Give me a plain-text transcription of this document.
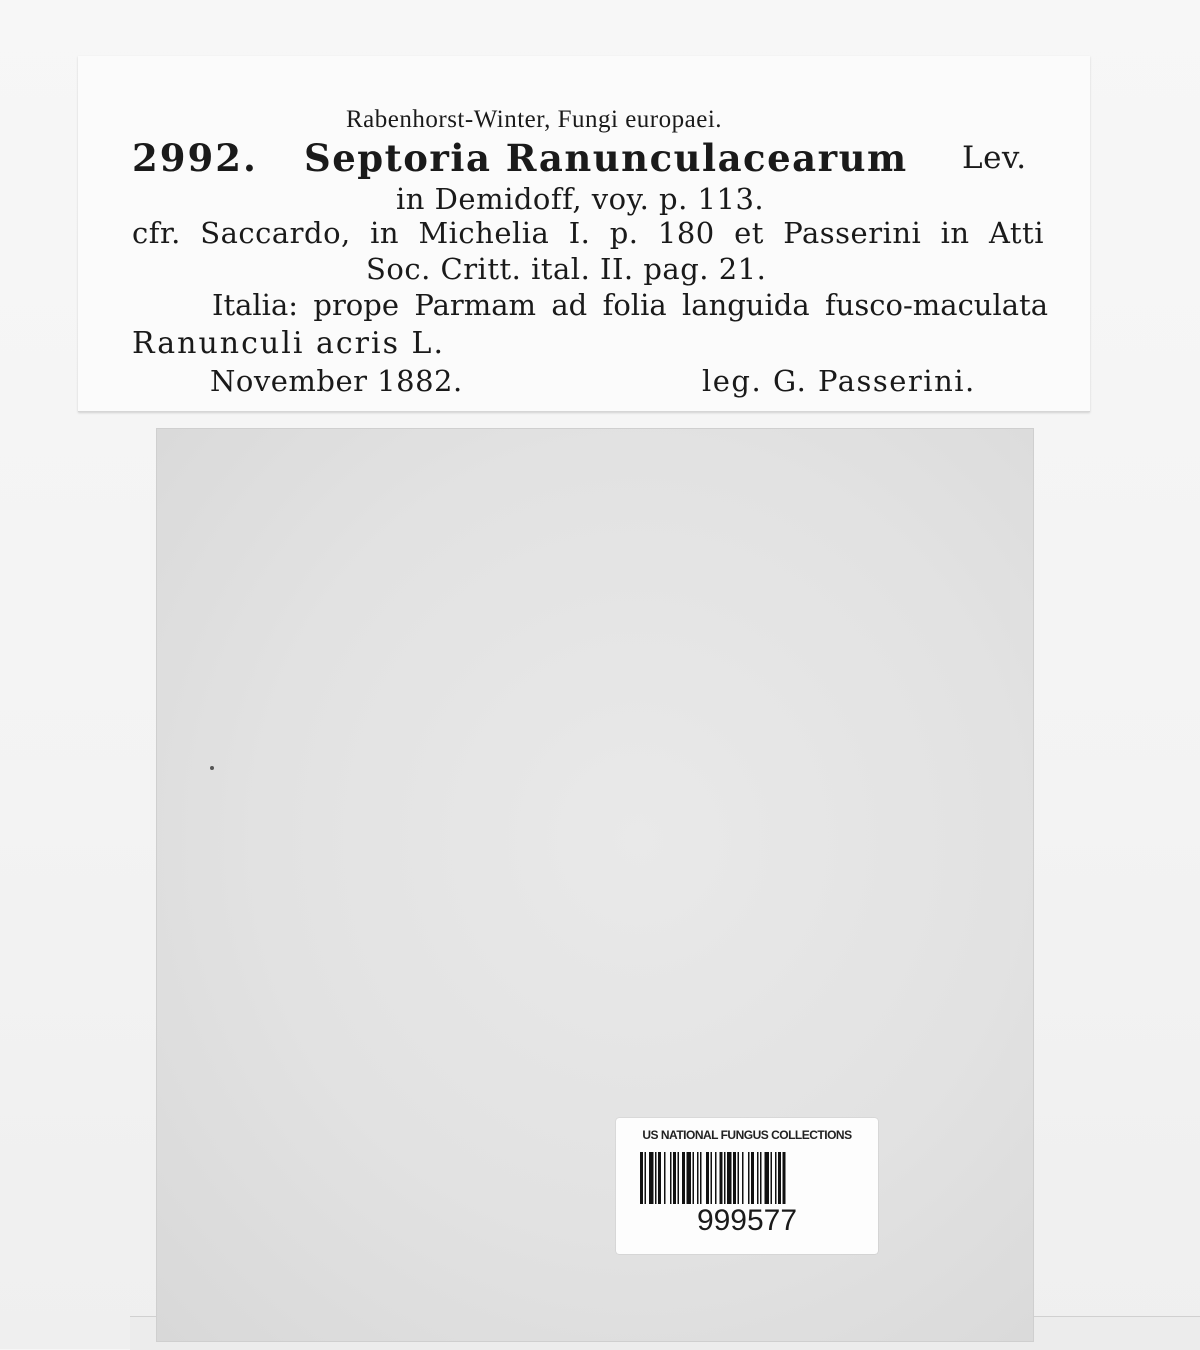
Rabenhorst-Winter, Fungi europaei.
2992. Septoria Ranunculacearum Lev.
in Demidoff, voy. p. 113.
cfr. Saccardo, in Michelia I. p. 180 et Passerini in Atti
Soc. Critt. ital. II. pag. 21.
Italia: prope Parmam ad folia languida fusco-maculata
Ranunculi acris L.
November 1882.	leg. G. Passerini.
US NATIONAL FUNGUS COLLECTIONS
999577
